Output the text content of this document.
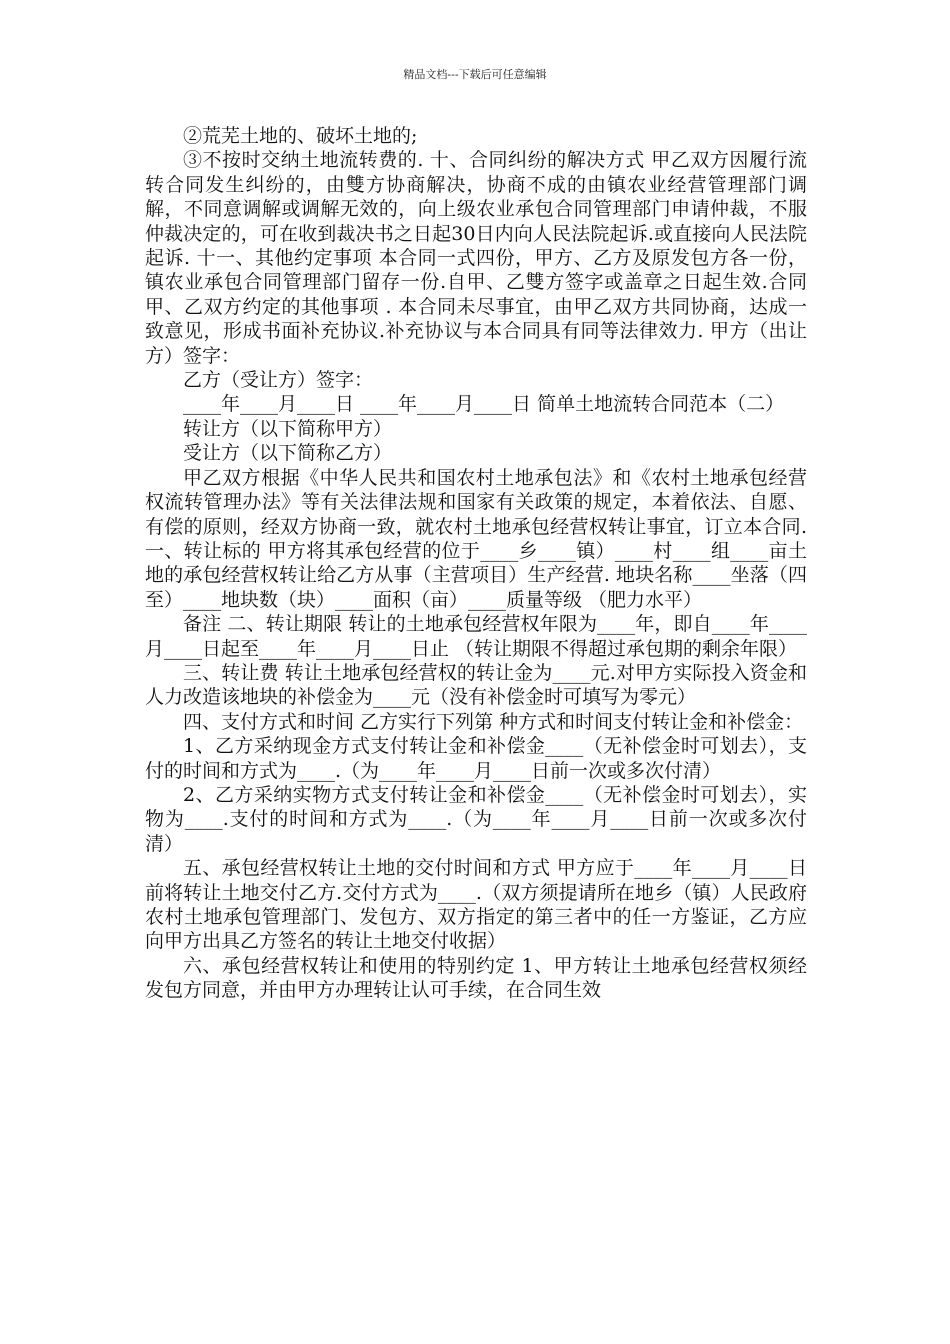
精品文档---下载后可任意编辑

②荒芜土地的、破坏土地的;

③不按时交纳土地流转费的. 十、合同纠纷的解决方式 甲乙双方因履行流转合同发生纠纷的，由雙方协商解决，协商不成的由镇农业经营管理部门调解，不同意调解或调解无效的，向上级农业承包合同管理部门申请仲裁，不服仲裁决定的，可在收到裁决书之日起30日内向人民法院起诉.或直接向人民法院起诉. 十一、其他约定事项 本合同一式四份，甲方、乙方及原发包方各一份，镇农业承包合同管理部门留存一份.自甲、乙雙方签字或盖章之日起生效.合同甲、乙双方约定的其他事项 . 本合同未尽事宜，由甲乙双方共同协商，达成一致意见，形成书面补充协议.补充协议与本合同具有同等法律效力. 甲方（出让方）签字：

乙方（受让方）签字：

____年____月____日 ____年____月____日 简单土地流转合同范本（二）

转让方（以下简称甲方）

受让方（以下简称乙方）

甲乙双方根据《中华人民共和国农村土地承包法》和《农村土地承包经营权流转管理办法》等有关法律法规和国家有关政策的规定，本着依法、自愿、有偿的原则，经双方协商一致，就农村土地承包经营权转让事宜，订立本合同. 一、转让标的 甲方将其承包经营的位于____乡____镇）____村____组____亩土地的承包经营权转让给乙方从事（主营项目）生产经营. 地块名称____坐落（四至）____地块数（块）____面积（亩）____质量等级 （肥力水平）

备注 二、转让期限 转让的土地承包经营权年限为____年，即自____年____月____日起至____年____月____日止 （转让期限不得超过承包期的剩余年限）

三、转让费 转让土地承包经营权的转让金为____元.对甲方实际投入资金和人力改造该地块的补偿金为____元（没有补偿金时可填写为零元）

四、支付方式和时间 乙方实行下列第 种方式和时间支付转让金和补偿金：

1、乙方采纳现金方式支付转让金和补偿金____（无补偿金时可划去），支付的时间和方式为____.（为____年____月____日前一次或多次付清）

2、乙方采纳实物方式支付转让金和补偿金____（无补偿金时可划去），实物为____.支付的时间和方式为____.（为____年____月____日前一次或多次付清）

五、承包经营权转让土地的交付时间和方式 甲方应于____年____月____日前将转让土地交付乙方.交付方式为____.（双方须提请所在地乡（镇）人民政府农村土地承包管理部门、发包方、双方指定的第三者中的任一方鉴证，乙方应向甲方出具乙方签名的转让土地交付收据）

六、承包经营权转让和使用的特别约定 1、甲方转让土地承包经营权须经发包方同意，并由甲方办理转让认可手续，在合同生效
